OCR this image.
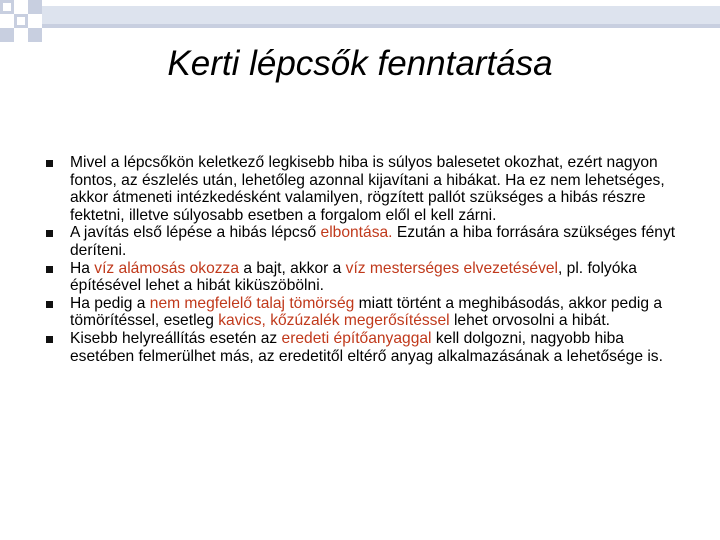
Kerti lépcsők fenntartása
Mivel a lépcsőkön keletkező legkisebb hiba is súlyos balesetet okozhat, ezért nagyon fontos, az észlelés után, lehetőleg azonnal kijavítani a hibákat. Ha ez nem lehetséges, akkor átmeneti intézkedésként valamilyen, rögzített pallót szükséges a hibás részre fektetni, illetve súlyosabb esetben a forgalom elől el kell zárni.
A javítás első lépése a hibás lépcső elbontása. Ezután a hiba forrására szükséges fényt deríteni.
Ha víz alámosás okozza a bajt, akkor a víz mesterséges elvezetésével, pl. folyóka építésével lehet a hibát kiküszöbölni.
Ha pedig a nem megfelelő talaj tömörség miatt történt a meghibásodás, akkor pedig a tömörítéssel, esetleg kavics, kőzúzalék megerősítéssel lehet orvosolni a hibát.
Kisebb helyreállítás esetén az eredeti építőanyaggal kell dolgozni, nagyobb hiba esetében felmerülhet más, az eredetitől eltérő anyag alkalmazásának a lehetősége is.
